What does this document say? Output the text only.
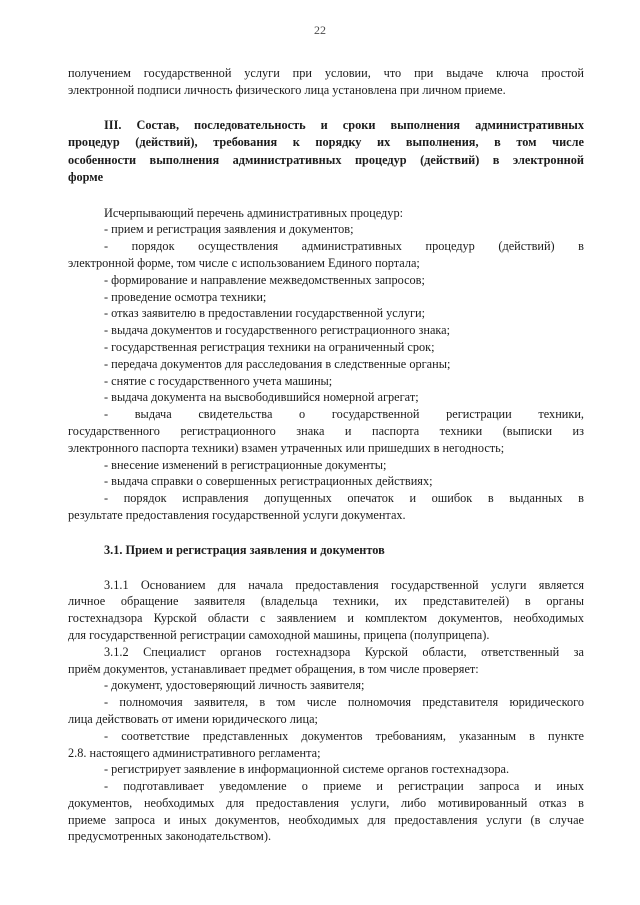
22
получением государственной услуги при условии, что при выдаче ключа простой
электронной подписи личность физического лица установлена при личном приеме.
III. Состав, последовательность и сроки выполнения административных
процедур (действий), требования к порядку их выполнения, в том числе
особенности выполнения административных процедур (действий) в электронной
форме
Исчерпывающий перечень административных процедур:
- прием и регистрация заявления и документов;
- порядок осуществления административных процедур (действий) в
электронной форме, том числе с использованием Единого портала;
- формирование и направление межведомственных запросов;
- проведение осмотра техники;
- отказ заявителю в предоставлении государственной услуги;
- выдача документов и государственного регистрационного знака;
- государственная регистрация техники на ограниченный срок;
- передача документов для расследования в следственные органы;
- снятие с государственного учета машины;
- выдача документа на высвободившийся номерной агрегат;
- выдача свидетельства о государственной регистрации техники,
государственного регистрационного знака и паспорта техники (выписки из
электронного паспорта техники) взамен утраченных или пришедших в негодность;
- внесение изменений в регистрационные документы;
- выдача справки о совершенных регистрационных действиях;
- порядок исправления допущенных опечаток и ошибок в выданных в
результате предоставления государственной услуги документах.
3.1. Прием и регистрация заявления и документов
3.1.1 Основанием для начала предоставления государственной услуги является
личное обращение заявителя (владельца техники, их представителей) в органы
гостехнадзора Курской области с заявлением и комплектом документов, необходимых
для государственной регистрации самоходной машины, прицепа (полуприцепа).
3.1.2 Специалист органов гостехнадзора Курской области, ответственный за
приём документов, устанавливает предмет обращения, в том числе проверяет:
- документ, удостоверяющий личность заявителя;
- полномочия заявителя, в том числе полномочия представителя юридического
лица действовать от имени юридического лица;
- соответствие представленных документов требованиям, указанным в пункте
2.8. настоящего административного регламента;
- регистрирует заявление в информационной системе органов гостехнадзора.
- подготавливает уведомление о приеме и регистрации запроса и иных
документов, необходимых для предоставления услуги, либо мотивированный отказ в
приеме запроса и иных документов, необходимых для предоставления услуги (в случае
предусмотренных законодательством).
